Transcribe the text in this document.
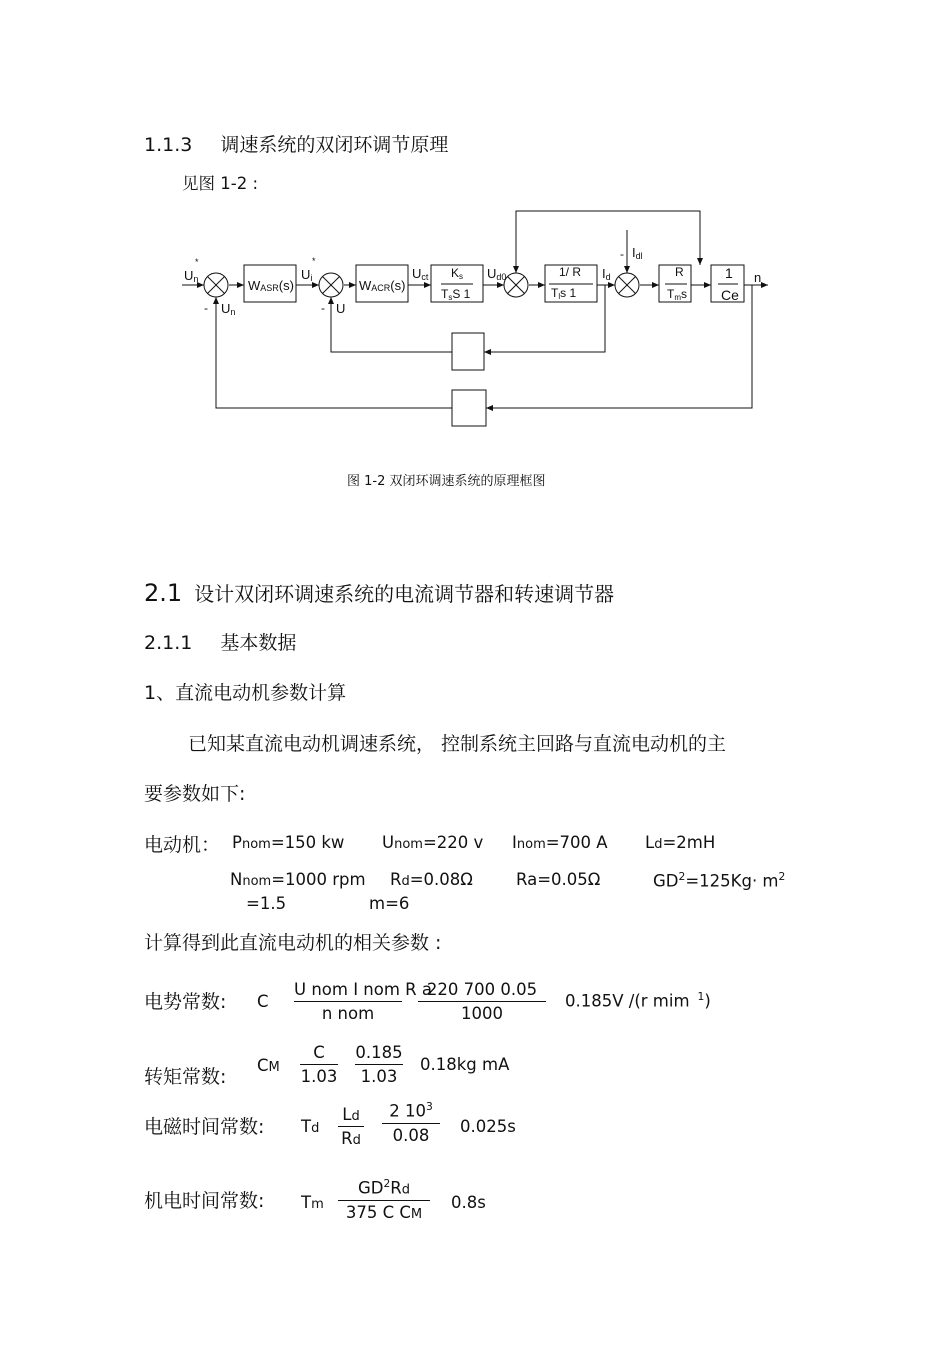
1.1.3 调速系统的双闭环调节原理
见图 1-2 :
Un
*
- Un
WASR(s)
Ui
*
- U
WACR(s)
Uct Ks
TsS 1
Ud0	1/ R
Tls 1
Id
- Idl
R
Tms
1
Ce
n
图 1-2 双闭环调速系统的原理框图
2.1 设计双闭环调速系统的电流调节器和转速调节器
2.1.1 基本数据
1、直流电动机参数计算
已知某直流电动机调速系统， 控制系统主回路与直流电动机的主
要参数如下:
电动机： Pnom=150 kw Unom=220 v Inom=700 A Ld=2mH
Nnom=1000 rpm Rd=0.08Ω	Ra=0.05Ω	$GD^2=125Kg\cdot m^2$
=1.5	m=6
计算得到此直流电动机的相关参数 :
电势常数: C
U nom I nom R a
n nom
220 700 0.05
1000
0.185V /(r mim $^1$)
转矩常数:
CM
C
1.03
0.185
1.03
0.18kg mA
电磁时间常数: Td
Ld
Rd
2 $10^3$
0.08	0.025s
机电时间常数: Tm
$GD^2Rd$
375 C CM
0.8s
